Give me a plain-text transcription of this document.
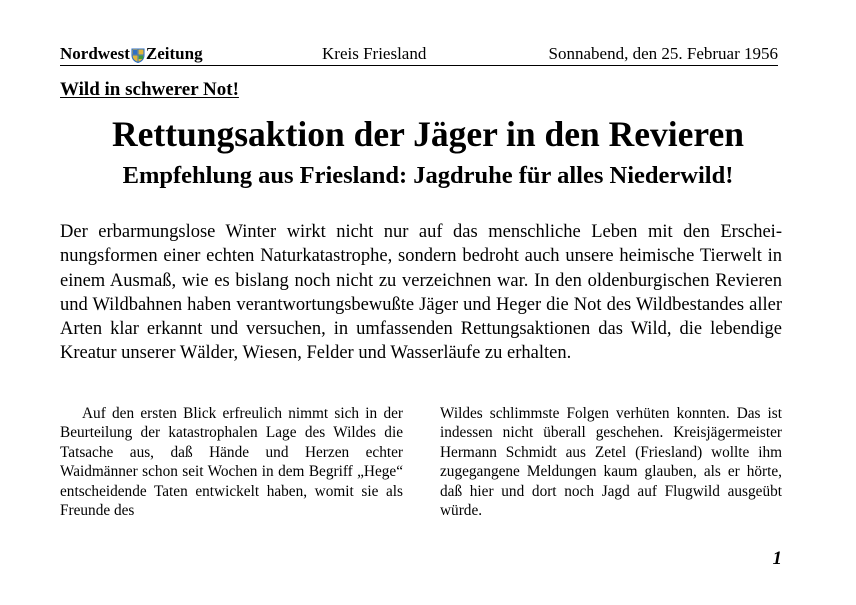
Nordwest Zeitung	Kreis Friesland	Sonnabend, den 25. Februar 1956
Wild in schwerer Not!
Rettungsaktion der Jäger in den Revieren
Empfehlung aus Friesland: Jagdruhe für alles Niederwild!

Der erbarmungslose Winter wirkt nicht nur auf das menschliche Leben mit den Erscheinungsformen einer echten Naturkatastrophe, sondern bedroht auch unsere heimische Tierwelt in einem Ausmaß, wie es bislang noch nicht zu verzeichnen war. In den oldenburgischen Revieren und Wildbahnen haben verantwortungsbewußte Jäger und Heger die Not des Wildbestandes aller Arten klar erkannt und versuchen, in umfassenden Rettungsaktionen das Wild, die lebendige Kreatur unserer Wälder, Wiesen, Felder und Wasserläufe zu erhalten.

Auf den ersten Blick erfreulich nimmt sich in der Beurteilung der katastrophalen Lage des Wildes die Tatsache aus, daß Hände und Herzen echter Waidmänner schon seit Wochen in dem Begriff „Hege“ entscheidende Taten entwickelt haben, womit sie als Freunde des

Wildes schlimmste Folgen verhüten konnten. Das ist indessen nicht überall geschehen. Kreisjägermeister Hermann Schmidt aus Zetel (Friesland) wollte ihm zugegangene Meldungen kaum glauben, als er hörte, daß hier und dort noch Jagd auf Flugwild ausgeübt würde.

1
